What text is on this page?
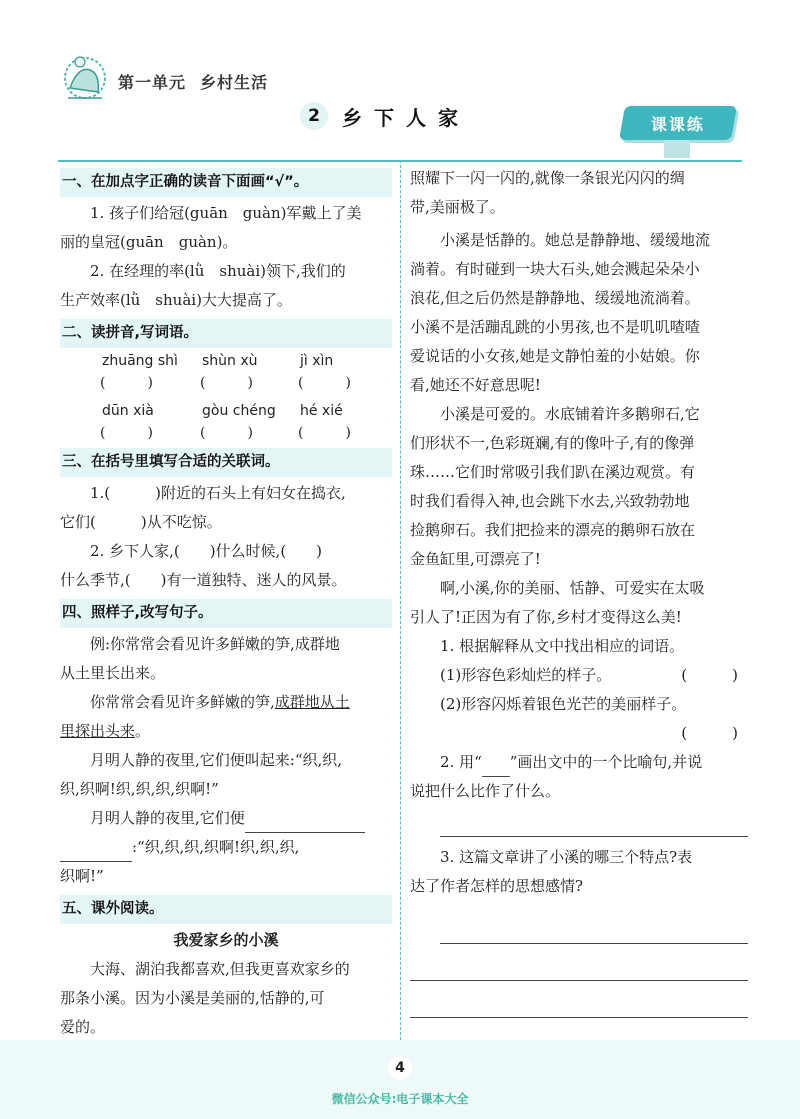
第一单元 乡村生活
2	乡下人家	课课练
一、在加点字正确的读音下面画“√”。
1. 孩子们给冠(guān　guàn)军戴上了美
丽的皇冠(guān　guàn)。
2. 在经理的率(lǜ　shuài)领下,我们的
生产效率(lǜ　shuài)大大提高了。
二、读拼音,写词语。
zhuāng shì	shùn xù	jì xìn
(　　　)	(　　　)	(　　　)
dūn xià	gòu chéng	hé xié
(　　　)	(　　　)	(　　　)
三、在括号里填写合适的关联词。
1.(　　　)附近的石头上有妇女在捣衣,
它们(　　　)从不吃惊。
2. 乡下人家,(　　)什么时候,(　　)
什么季节,(　　)有一道独特、迷人的风景。
四、照样子,改写句子。
例:你常常会看见许多鲜嫩的笋,成群地
从土里长出来。
你常常会看见许多鲜嫩的笋,成群地从土
里探出头来。
月明人静的夜里,它们便叫起来:“织,织,
织,织啊!织,织,织,织啊!”
月明人静的夜里,它们便
:“织,织,织,织啊!织,织,织,
织啊!”
五、课外阅读。
我爱家乡的小溪
大海、湖泊我都喜欢,但我更喜欢家乡的
那条小溪。因为小溪是美丽的,恬静的,可
爱的。
照耀下一闪一闪的,就像一条银光闪闪的绸
带,美丽极了。
小溪是恬静的。她总是静静地、缓缓地流
淌着。有时碰到一块大石头,她会溅起朵朵小
浪花,但之后仍然是静静地、缓缓地流淌着。
小溪不是活蹦乱跳的小男孩,也不是叽叽喳喳
爱说话的小女孩,她是文静怕羞的小姑娘。你
看,她还不好意思呢!
小溪是可爱的。水底铺着许多鹅卵石,它
们形状不一,色彩斑斓,有的像叶子,有的像弹
珠……它们时常吸引我们趴在溪边观赏。有
时我们看得入神,也会跳下水去,兴致勃勃地
捡鹅卵石。我们把捡来的漂亮的鹅卵石放在
金鱼缸里,可漂亮了!
啊,小溪,你的美丽、恬静、可爱实在太吸
引人了!正因为有了你,乡村才变得这么美!
1. 根据解释从文中找出相应的词语。
(1)形容色彩灿烂的样子。	(　　　)
(2)形容闪烁着银色光芒的美丽样子。
(　　　)
2. 用“ ”画出文中的一个比喻句,并说
说把什么比作了什么。
3. 这篇文章讲了小溪的哪三个特点?表
达了作者怎样的思想感情?
4
微信公众号:电子课本大全
